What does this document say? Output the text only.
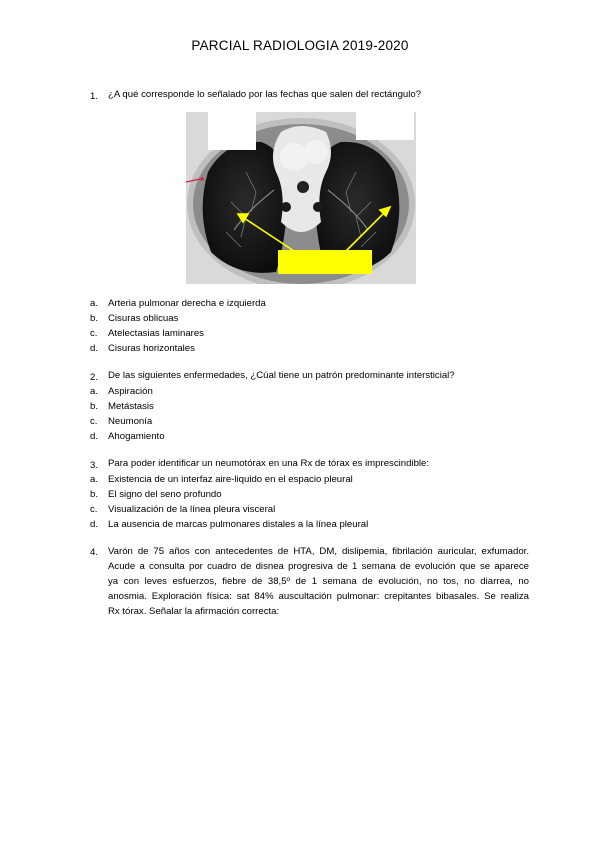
PARCIAL RADIOLOGIA 2019-2020
1. ¿A qué corresponde lo señalado por las fechas que salen del rectángulo?
a. Arteria pulmonar derecha e izquierda
b. Cisuras oblicuas
c. Atelectasias laminares
d. Cisuras horizontales
2. De las siguientes enfermedades, ¿Cúal tiene un patrón predominante intersticial?
a. Aspiración
b. Metástasis
c. Neumonía
d. Ahogamiento
3. Para poder identificar un neumotórax en una Rx de tórax es imprescindible:
a. Existencia de un interfaz aire-liquido en el espacio pleural
b. El signo del seno profundo
c. Visualización de la línea pleura visceral
d. La ausencia de marcas pulmonares distales a la línea pleural
4. Varón de 75 años con antecedentes de HTA, DM, dislipemia, fibrilación auricular, exfumador.
Acude a consulta por cuadro de disnea progresiva de 1 semana de evolución que se aparece
ya con leves esfuerzos, fiebre de 38,5º de 1 semana de evolución, no tos, no diarrea, no
anosmia. Exploración física: sat 84% auscultación pulmonar: crepitantes bibasales. Se realiza
Rx tórax. Señalar la afirmación correcta:
